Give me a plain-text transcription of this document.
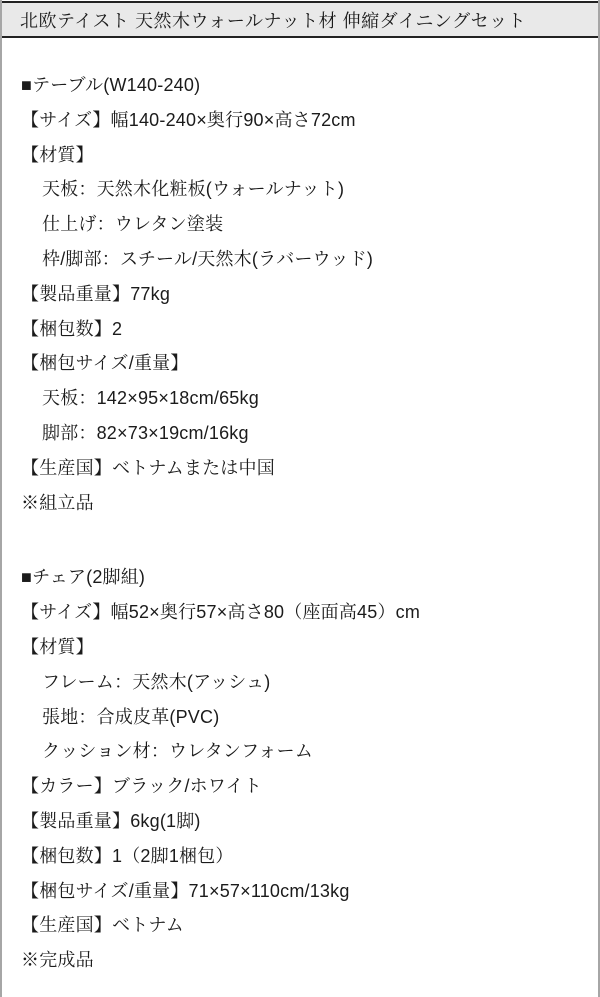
北欧テイスト 天然木ウォールナット材 伸縮ダイニングセット
■テーブル(W140-240)
【サイズ】幅140-240×奥行90×高さ72cm
【材質】
天板：天然木化粧板(ウォールナット)
仕上げ：ウレタン塗装
枠/脚部：スチール/天然木(ラバーウッド)
【製品重量】77kg
【梱包数】2
【梱包サイズ/重量】
天板：142×95×18cm/65kg
脚部：82×73×19cm/16kg
【生産国】ベトナムまたは中国
※組立品
■チェア(2脚組)
【サイズ】幅52×奥行57×高さ80（座面高45）cm
【材質】
フレーム：天然木(アッシュ)
張地：合成皮革(PVC)
クッション材：ウレタンフォーム
【カラー】ブラック/ホワイト
【製品重量】6kg(1脚)
【梱包数】1（2脚1梱包）
【梱包サイズ/重量】71×57×110cm/13kg
【生産国】ベトナム
※完成品
